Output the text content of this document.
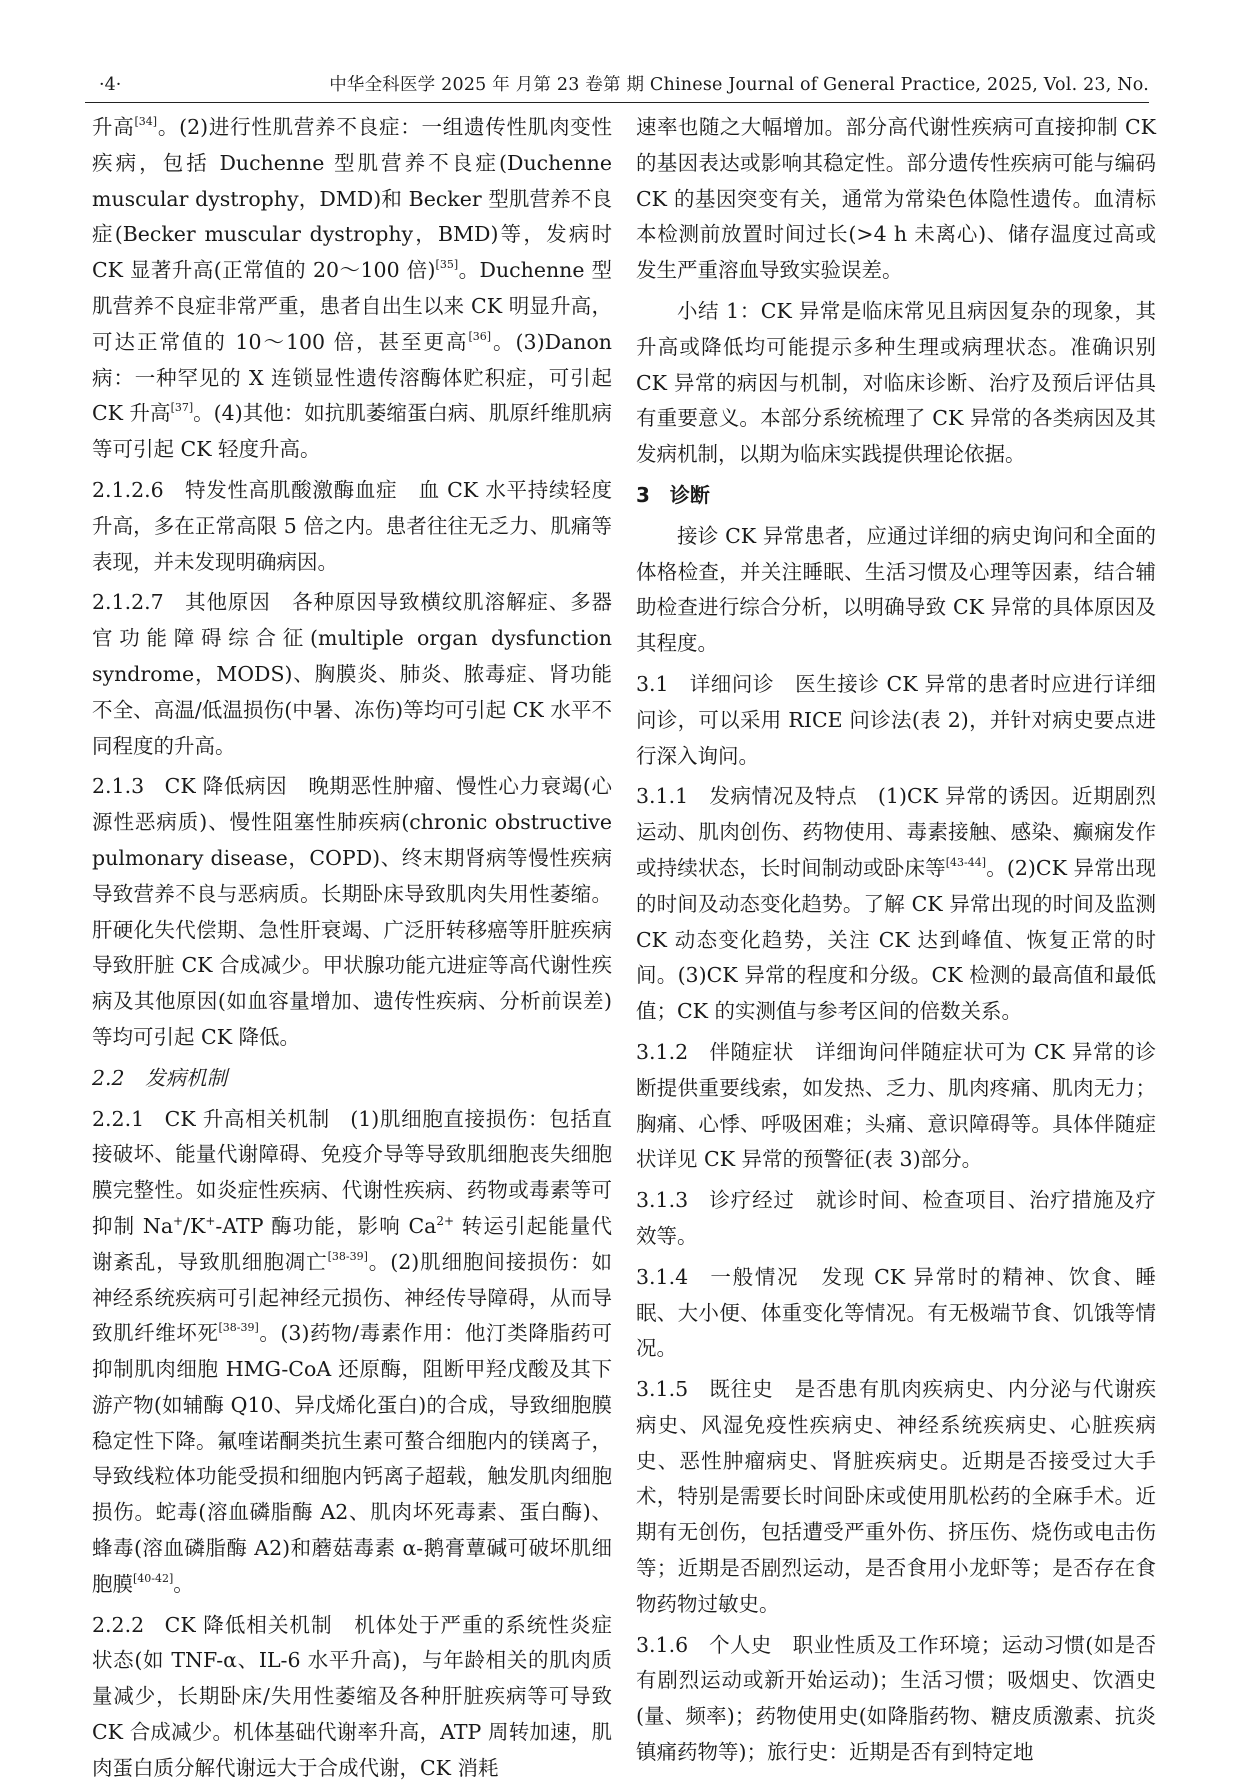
·4·	中华全科医学 2025 年 月第 23 卷第 期 Chinese Journal of General Practice, 2025, Vol. 23, No.

升高[34]。(2)进行性肌营养不良症：一组遗传性肌肉变性疾病，包括 Duchenne 型肌营养不良症(Duchenne muscular dystrophy，DMD)和 Becker 型肌营养不良症(Becker muscular dystrophy，BMD)等，发病时 CK 显著升高(正常值的 20～100 倍)[35]。Duchenne 型肌营养不良症非常严重，患者自出生以来 CK 明显升高，可达正常值的 10～100 倍，甚至更高[36]。(3)Danon 病：一种罕见的 X 连锁显性遗传溶酶体贮积症，可引起 CK 升高[37]。(4)其他：如抗肌萎缩蛋白病、肌原纤维肌病等可引起 CK 轻度升高。

2.1.2.6 特发性高肌酸激酶血症 血 CK 水平持续轻度升高，多在正常高限 5 倍之内。患者往往无乏力、肌痛等表现，并未发现明确病因。

2.1.2.7 其他原因 各种原因导致横纹肌溶解症、多器官功能障碍综合征(multiple organ dysfunction syndrome，MODS)、胸膜炎、肺炎、脓毒症、肾功能不全、高温/低温损伤(中暑、冻伤)等均可引起 CK 水平不同程度的升高。

2.1.3 CK 降低病因 晚期恶性肿瘤、慢性心力衰竭(心源性恶病质)、慢性阻塞性肺疾病(chronic obstructive pulmonary disease，COPD)、终末期肾病等慢性疾病导致营养不良与恶病质。长期卧床导致肌肉失用性萎缩。肝硬化失代偿期、急性肝衰竭、广泛肝转移癌等肝脏疾病导致肝脏 CK 合成减少。甲状腺功能亢进症等高代谢性疾病及其他原因(如血容量增加、遗传性疾病、分析前误差)等均可引起 CK 降低。

2.2 发病机制

2.2.1 CK 升高相关机制 (1)肌细胞直接损伤：包括直接破坏、能量代谢障碍、免疫介导等导致肌细胞丧失细胞膜完整性。如炎症性疾病、代谢性疾病、药物或毒素等可抑制 Na+/K+-ATP 酶功能，影响 $Ca^{2+}$ 转运引起能量代谢紊乱，导致肌细胞凋亡[38-39]。(2)肌细胞间接损伤：如神经系统疾病可引起神经元损伤、神经传导障碍，从而导致肌纤维坏死[38-39]。(3)药物/毒素作用：他汀类降脂药可抑制肌肉细胞 HMG-CoA 还原酶，阻断甲羟戊酸及其下游产物(如辅酶 Q10、异戊烯化蛋白)的合成，导致细胞膜稳定性下降。氟喹诺酮类抗生素可螯合细胞内的镁离子，导致线粒体功能受损和细胞内钙离子超载，触发肌肉细胞损伤。蛇毒(溶血磷脂酶 A2、肌肉坏死毒素、蛋白酶)、蜂毒(溶血磷脂酶 A2)和蘑菇毒素 α-鹅膏蕈碱可破坏肌细胞膜[40-42]。

2.2.2 CK 降低相关机制 机体处于严重的系统性炎症状态(如 TNF-α、IL-6 水平升高)，与年龄相关的肌肉质量减少，长期卧床/失用性萎缩及各种肝脏疾病等可导致 CK 合成减少。机体基础代谢率升高，ATP 周转加速，肌肉蛋白质分解代谢远大于合成代谢，CK 消耗

速率也随之大幅增加。部分高代谢性疾病可直接抑制 CK 的基因表达或影响其稳定性。部分遗传性疾病可能与编码 CK 的基因突变有关，通常为常染色体隐性遗传。血清标本检测前放置时间过长(>4 h 未离心)、储存温度过高或发生严重溶血导致实验误差。

小结 1：CK 异常是临床常见且病因复杂的现象，其升高或降低均可能提示多种生理或病理状态。准确识别 CK 异常的病因与机制，对临床诊断、治疗及预后评估具有重要意义。本部分系统梳理了 CK 异常的各类病因及其发病机制，以期为临床实践提供理论依据。

3 诊断

接诊 CK 异常患者，应通过详细的病史询问和全面的体格检查，并关注睡眠、生活习惯及心理等因素，结合辅助检查进行综合分析，以明确导致 CK 异常的具体原因及其程度。

3.1 详细问诊 医生接诊 CK 异常的患者时应进行详细问诊，可以采用 RICE 问诊法(表 2)，并针对病史要点进行深入询问。

3.1.1 发病情况及特点 (1)CK 异常的诱因。近期剧烈运动、肌肉创伤、药物使用、毒素接触、感染、癫痫发作或持续状态，长时间制动或卧床等[43-44]。(2)CK 异常出现的时间及动态变化趋势。了解 CK 异常出现的时间及监测 CK 动态变化趋势，关注 CK 达到峰值、恢复正常的时间。(3)CK 异常的程度和分级。CK 检测的最高值和最低值；CK 的实测值与参考区间的倍数关系。

3.1.2 伴随症状 详细询问伴随症状可为 CK 异常的诊断提供重要线索，如发热、乏力、肌肉疼痛、肌肉无力；胸痛、心悸、呼吸困难；头痛、意识障碍等。具体伴随症状详见 CK 异常的预警征(表 3)部分。

3.1.3 诊疗经过 就诊时间、检查项目、治疗措施及疗效等。

3.1.4 一般情况 发现 CK 异常时的精神、饮食、睡眠、大小便、体重变化等情况。有无极端节食、饥饿等情况。

3.1.5 既往史 是否患有肌肉疾病史、内分泌与代谢疾病史、风湿免疫性疾病史、神经系统疾病史、心脏疾病史、恶性肿瘤病史、肾脏疾病史。近期是否接受过大手术，特别是需要长时间卧床或使用肌松药的全麻手术。近期有无创伤，包括遭受严重外伤、挤压伤、烧伤或电击伤等；近期是否剧烈运动，是否食用小龙虾等；是否存在食物药物过敏史。

3.1.6 个人史 职业性质及工作环境；运动习惯(如是否有剧烈运动或新开始运动)；生活习惯；吸烟史、饮酒史(量、频率)；药物使用史(如降脂药物、糖皮质激素、抗炎镇痛药物等)；旅行史：近期是否有到特定地
